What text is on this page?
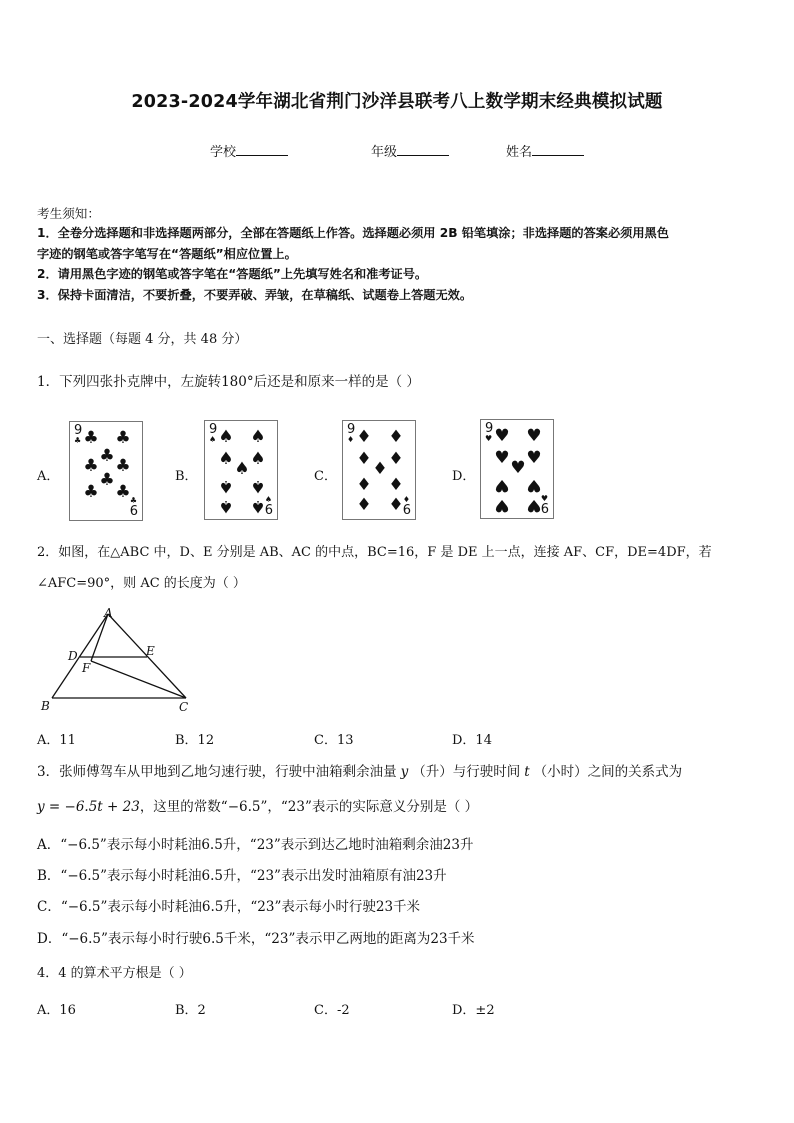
2023-2024学年湖北省荆门沙洋县联考八上数学期末经典模拟试题
学校	年级	姓名
考生须知：
1．全卷分选择题和非选择题两部分，全部在答题纸上作答。选择题必须用 2B 铅笔填涂；非选择题的答案必须用黑色
字迹的钢笔或答字笔写在“答题纸”相应位置上。
2．请用黑色字迹的钢笔或答字笔在“答题纸”上先填写姓名和准考证号。
3．保持卡面清洁，不要折叠，不要弄破、弄皱，在草稿纸、试题卷上答题无效。
一、选择题（每题 4 分，共 48 分）
1．下列四张扑克牌中，左旋转180°后还是和原来一样的是（ ）
A．	B．	C．	D．
9
♣
6
♣
♣ ♣
♣
♣ ♣
♣
♣ ♣
9
♠
6
♠
♠ ♠
♠ ♠
♠
♠ ♠
♠ ♠
9
♦
6
♦
♦ ♦
♦ ♦
♦
♦ ♦
♦ ♦
9
♥
6
♥
♥ ♥
♥ ♥
♥
♥ ♥
♥ ♥
2．如图，在△ABC 中，D、E 分别是 AB、AC 的中点，BC=16，F 是 DE 上一点，连接 AF、CF，DE=4DF，若
∠AFC=90°，则 AC 的长度为（ ）
A
B	C
D	E
F
A．11	B．12	C．13	D．14
3．张师傅驾车从甲地到乙地匀速行驶，行驶中油箱剩余油量 y （升）与行驶时间 t （小时）之间的关系式为
y = −6.5t + 23，这里的常数“−6.5”，“23”表示的实际意义分别是（ ）
A．“−6.5”表示每小时耗油6.5升，“23”表示到达乙地时油箱剩余油23升
B．“−6.5”表示每小时耗油6.5升，“23”表示出发时油箱原有油23升
C．“−6.5”表示每小时耗油6.5升，“23”表示每小时行驶23千米
D．“−6.5”表示每小时行驶6.5千米，“23”表示甲乙两地的距离为23千米
4．4 的算术平方根是（ ）
A．16	B．2	C．-2	D．±2
